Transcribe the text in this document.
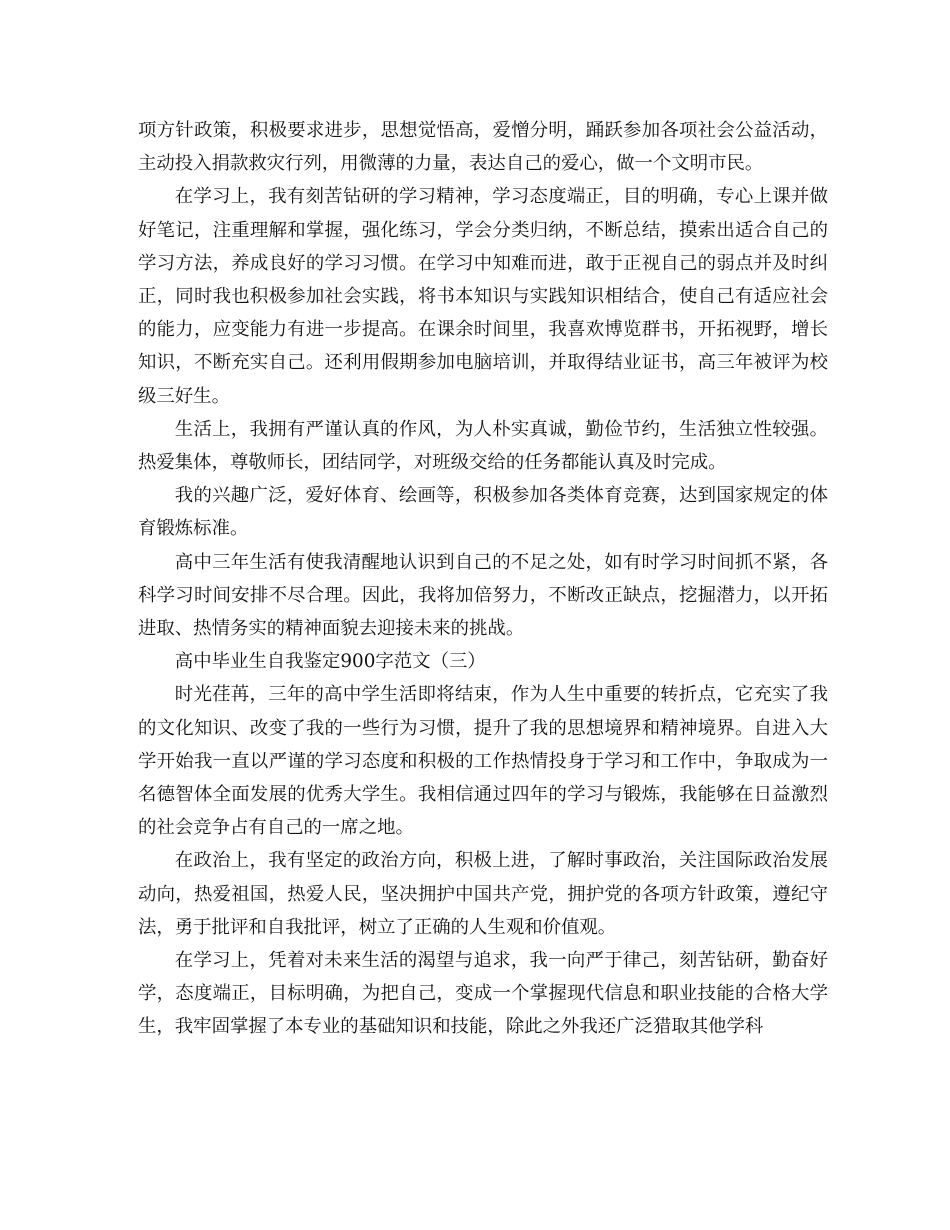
项方针政策，积极要求进步，思想觉悟高，爱憎分明，踊跃参加各项社会公益活动，主动投入捐款救灾行列，用微薄的力量，表达自己的爱心，做一个文明市民。

在学习上，我有刻苦钻研的学习精神，学习态度端正，目的明确，专心上课并做好笔记，注重理解和掌握，强化练习，学会分类归纳，不断总结，摸索出适合自己的学习方法，养成良好的学习习惯。在学习中知难而进，敢于正视自己的弱点并及时纠正，同时我也积极参加社会实践，将书本知识与实践知识相结合，使自己有适应社会的能力，应变能力有进一步提高。在课余时间里，我喜欢博览群书，开拓视野，增长知识，不断充实自己。还利用假期参加电脑培训，并取得结业证书，高三年被评为校级三好生。

生活上，我拥有严谨认真的作风，为人朴实真诚，勤俭节约，生活独立性较强。热爱集体，尊敬师长，团结同学，对班级交给的任务都能认真及时完成。

我的兴趣广泛，爱好体育、绘画等，积极参加各类体育竞赛，达到国家规定的体育锻炼标准。

高中三年生活有使我清醒地认识到自己的不足之处，如有时学习时间抓不紧，各科学习时间安排不尽合理。因此，我将加倍努力，不断改正缺点，挖掘潜力，以开拓进取、热情务实的精神面貌去迎接未来的挑战。

高中毕业生自我鉴定900字范文（三）

时光荏苒，三年的高中学生活即将结束，作为人生中重要的转折点，它充实了我的文化知识、改变了我的一些行为习惯，提升了我的思想境界和精神境界。自进入大学开始我一直以严谨的学习态度和积极的工作热情投身于学习和工作中，争取成为一名德智体全面发展的优秀大学生。我相信通过四年的学习与锻炼，我能够在日益激烈的社会竞争占有自己的一席之地。

在政治上，我有坚定的政治方向，积极上进，了解时事政治，关注国际政治发展动向，热爱祖国，热爱人民，坚决拥护中国共产党，拥护党的各项方针政策，遵纪守法，勇于批评和自我批评，树立了正确的人生观和价值观。

在学习上，凭着对未来生活的渴望与追求，我一向严于律己，刻苦钻研，勤奋好学，态度端正，目标明确，为把自己，变成一个掌握现代信息和职业技能的合格大学生，我牢固掌握了本专业的基础知识和技能，除此之外我还广泛猎取其他学科
